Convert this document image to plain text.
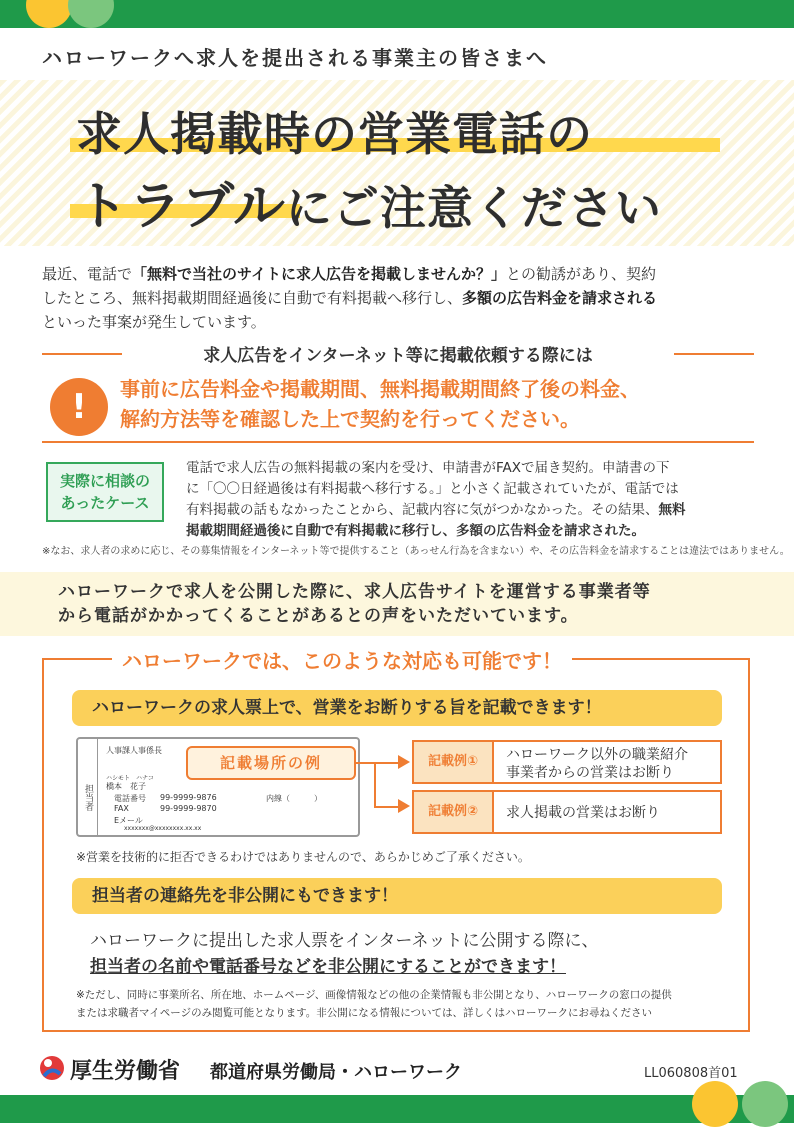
ハローワークへ求人を提出される事業主の皆さまへ
求人掲載時の営業電話の
トラブルにご注意ください
最近、電話で「無料で当社のサイトに求人広告を掲載しませんか？」との勧誘があり、契約
したところ、無料掲載期間経過後に自動で有料掲載へ移行し、多額の広告料金を請求される
といった事案が発生しています。
求人広告をインターネット等に掲載依頼する際には
!	事前に広告料金や掲載期間、無料掲載期間終了後の料金、
解約方法等を確認した上で契約を行ってください。
実際に相談の
あったケース
電話で求人広告の無料掲載の案内を受け、申請書がFAXで届き契約。申請書の下
に「〇〇日経過後は有料掲載へ移行する。」と小さく記載されていたが、電話では
有料掲載の話もなかったことから、記載内容に気がつかなかった。その結果、無料
掲載期間経過後に自動で有料掲載に移行し、多額の広告料金を請求された。
※なお、求人者の求めに応じ、その募集情報をインターネット等で提供すること（あっせん行為を含まない）や、その広告料金を請求することは違法ではありません。
ハローワークで求人を公開した際に、求人広告サイトを運営する事業者等
から電話がかかってくることがあるとの声をいただいています。
ハローワークでは、このような対応も可能です！
ハローワークの求人票上で、営業をお断りする旨を記載できます！
担当者
人事課人事係長
ハシモト　ハナコ
橋本　花子
電話番号 99-9999-9876	内線（　　　）
FAX	99-9999-9870
Eメール
xxxxxxx@xxxxxxxx.xx.xx
記載場所の例	記載例①	ハローワーク以外の職業紹介
事業者からの営業はお断り
記載例②	求人掲載の営業はお断り
※営業を技術的に拒否できるわけではありませんので、あらかじめご了承ください。
担当者の連絡先を非公開にもできます！
ハローワークに提出した求人票をインターネットに公開する際に、
担当者の名前や電話番号などを非公開にすることができます！
※ただし、同時に事業所名、所在地、ホームページ、画像情報などの他の企業情報も非公開となり、ハローワークの窓口の提供
または求職者マイページのみ閲覧可能となります。非公開になる情報については、詳しくはハローワークにお尋ねください
厚生労働省 都道府県労働局・ハローワーク	LL060808首01
